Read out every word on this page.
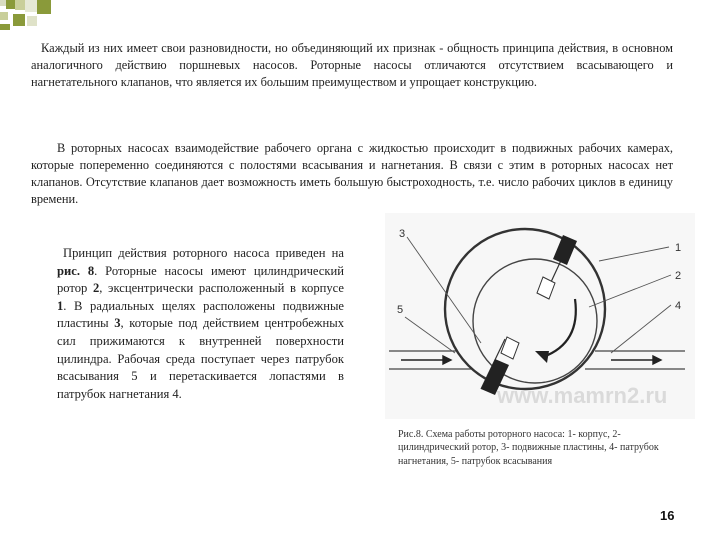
Каждый из них имеет свои разновидности, но объединяющий их признак - общность принципа действия, в основном аналогичного действию поршневых насосов. Роторные насосы отличаются отсутствием всасывающего и нагнетательного клапанов, что является их большим преимуществом и упрощает конструкцию.

В роторных насосах взаимодействие рабочего органа с жидкостью происходит в подвижных рабочих камерах, которые попеременно соединяются с полостями всасывания и нагнетания. В связи с этим в роторных насосах нет клапанов. Отсутствие клапанов дает возможность иметь большую быстроходность, т.е. число рабочих циклов в единицу времени.

Принцип действия роторного насоса приведен на рис. 8. Роторные насосы имеют цилиндрический ротор 2, эксцентрически расположенный в корпусе 1. В радиальных щелях расположены подвижные пластины 3, которые под действием центробежных сил прижимаются к внутренней поверхности цилиндра. Рабочая среда поступает через патрубок всасывания 5 и перетаскивается лопастями в патрубок нагнетания 4.

3
5
1
2
4
www.mamrn2.ru

Рис.8. Схема работы роторного насоса: 1- корпус, 2- цилиндрический ротор, 3- подвижные пластины, 4- патрубок нагнетания, 5- патрубок всасывания

16
